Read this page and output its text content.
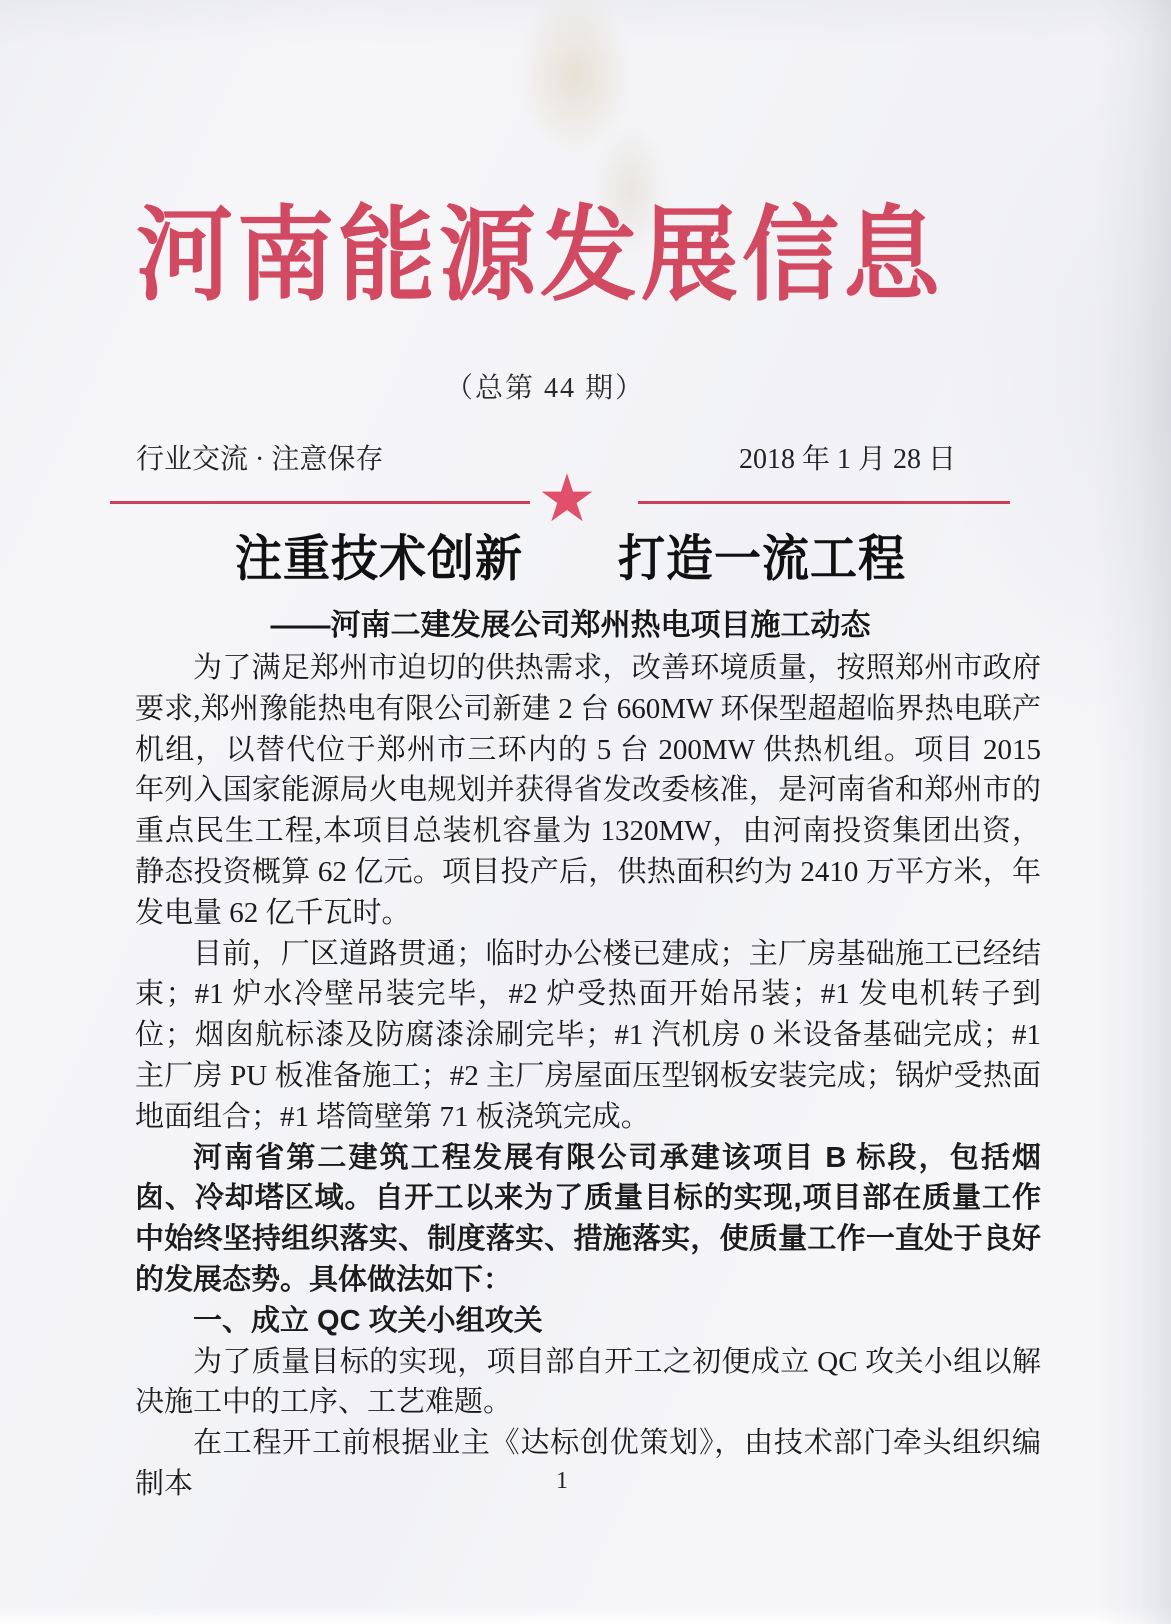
河南能源发展信息
（总第 44 期）
行业交流 · 注意保存	2018 年 1 月 28 日
★
注重技术创新 打造一流工程
——河南二建发展公司郑州热电项目施工动态

为了满足郑州市迫切的供热需求，改善环境质量，按照郑州市政府要求,郑州豫能热电有限公司新建 2 台 660MW 环保型超超临界热电联产机组，以替代位于郑州市三环内的 5 台 200MW 供热机组。项目 2015 年列入国家能源局火电规划并获得省发改委核准，是河南省和郑州市的重点民生工程,本项目总装机容量为 1320MW，由河南投资集团出资，静态投资概算 62 亿元。项目投产后，供热面积约为 2410 万平方米，年发电量 62 亿千瓦时。

目前，厂区道路贯通；临时办公楼已建成；主厂房基础施工已经结束；#1 炉水冷壁吊装完毕，#2 炉受热面开始吊装；#1 发电机转子到位；烟囱航标漆及防腐漆涂刷完毕；#1 汽机房 0 米设备基础完成；#1 主厂房 PU 板准备施工；#2 主厂房屋面压型钢板安装完成；锅炉受热面地面组合；#1 塔筒壁第 71 板浇筑完成。

河南省第二建筑工程发展有限公司承建该项目 B 标段，包括烟囱、冷却塔区域。自开工以来为了质量目标的实现,项目部在质量工作中始终坚持组织落实、制度落实、措施落实，使质量工作一直处于良好的发展态势。具体做法如下：

一、成立 QC 攻关小组攻关

为了质量目标的实现，项目部自开工之初便成立 QC 攻关小组以解决施工中的工序、工艺难题。

在工程开工前根据业主《达标创优策划》，由技术部门牵头组织编制本	1
